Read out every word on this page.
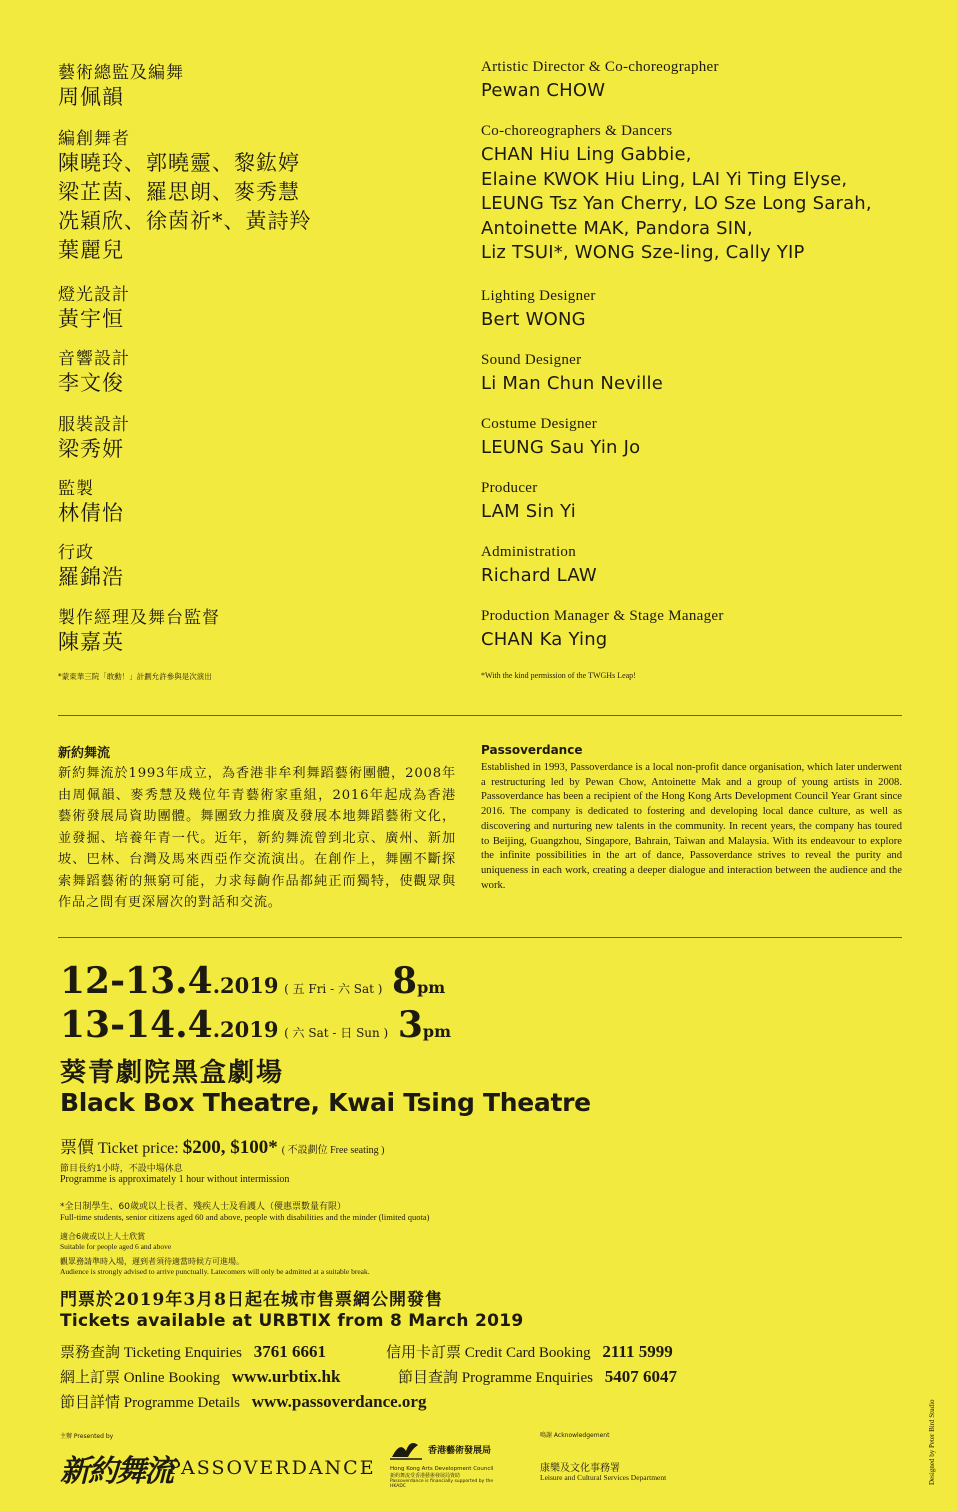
藝術總監及編舞
周佩韻
編創舞者
陳曉玲、郭曉靈、黎鈜婷
梁芷茵、羅思朗、麥秀慧
冼穎欣、徐茵祈*、黃詩羚
葉麗兒
燈光設計
黃宇恒
音響設計
李文俊
服裝設計
梁秀妍
監製
林倩怡
行政
羅錦浩
製作經理及舞台監督
陳嘉英
*蒙東華三院「敢動！」計劃允許參與是次演出
Artistic Director & Co-choreographer
Pewan CHOW
Co-choreographers & Dancers
CHAN Hiu Ling Gabbie,
Elaine KWOK Hiu Ling, LAI Yi Ting Elyse,
LEUNG Tsz Yan Cherry, LO Sze Long Sarah,
Antoinette MAK, Pandora SIN,
Liz TSUI*, WONG Sze-ling, Cally YIP
Lighting Designer
Bert WONG
Sound Designer
Li Man Chun Neville
Costume Designer
LEUNG Sau Yin Jo
Producer
LAM Sin Yi
Administration
Richard LAW
Production Manager & Stage Manager
CHAN Ka Ying
*With the kind permission of the TWGHs Leap!
新約舞流
新約舞流於1993年成立，為香港非牟利舞蹈藝術團體，2008年由周佩韻、麥秀慧及幾位年青藝術家重組，2016年起成為香港藝術發展局資助團體。舞團致力推廣及發展本地舞蹈藝術文化，並發掘、培養年青一代。近年，新約舞流曾到北京、廣州、新加坡、巴林、台灣及馬來西亞作交流演出。在創作上，舞團不斷探索舞蹈藝術的無窮可能，力求每齣作品都純正而獨特，使觀眾與作品之間有更深層次的對話和交流。
Passoverdance
Established in 1993, Passoverdance is a local non-profit dance organisation, which later underwent a restructuring led by Pewan Chow, Antoinette Mak and a group of young artists in 2008. Passoverdance has been a recipient of the Hong Kong Arts Development Council Year Grant since 2016. The company is dedicated to fostering and developing local dance culture, as well as discovering and nurturing new talents in the community. In recent years, the company has toured to Beijing, Guangzhou, Singapore, Bahrain, Taiwan and Malaysia. With its endeavour to explore the infinite possibilities in the art of dance, Passoverdance strives to reveal the purity and uniqueness in each work, creating a deeper dialogue and interaction between the audience and the work.
12-13.4.2019 ( 五 Fri - 六 Sat ) 8pm
13-14.4.2019 ( 六 Sat - 日 Sun ) 3pm
葵青劇院黑盒劇場
Black Box Theatre, Kwai Tsing Theatre
票價 Ticket price: $200, $100* ( 不設劃位 Free seating )
節目長約1小時，不設中場休息
Programme is approximately 1 hour without intermission
*全日制學生、60歲或以上長者、殘疾人士及看護人（優惠票數量有限）
Full-time students, senior citizens aged 60 and above, people with disabilities and the minder (limited quota)
適合6歲或以上人士欣賞
Suitable for people aged 6 and above
觀眾務請準時入場，遲到者須待適當時候方可進場。
Audience is strongly advised to arrive punctually. Latecomers will only be admitted at a suitable break.
門票於2019年3月8日起在城市售票網公開發售
Tickets available at URBTIX from 8 March 2019
票務查詢 Ticketing Enquiries 3761 6661	信用卡訂票 Credit Card Booking 2111 5999
網上訂票 Online Booking www.urbtix.hk	節目查詢 Programme Enquiries 5407 6047
節目詳情 Programme Details www.passoverdance.org
主辦 Presented by
新約舞流
PASSOVERDANCE
香港藝術發展局
Hong Kong Arts Development Council
新約舞流受香港藝術發展局資助
Passoverdance is financially supported by the HKADC
鳴謝 Acknowledgement
康樂及文化事務署
Leisure and Cultural Services Department	Designed by Peter Bird Studio
